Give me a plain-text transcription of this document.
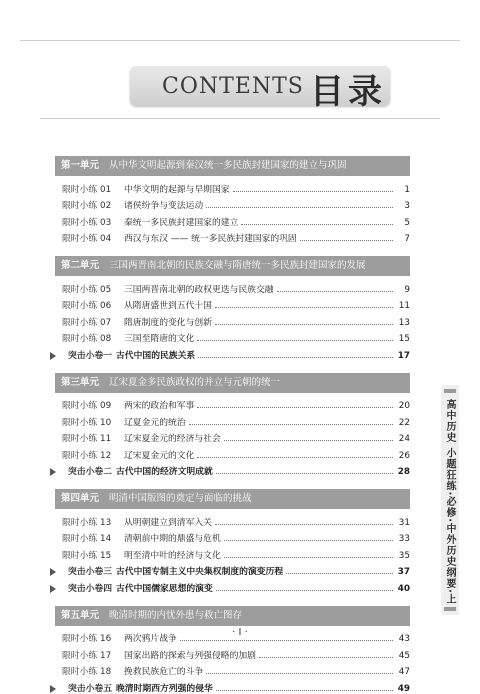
CONTENTS 目录
第一单元 从中华文明起源到秦汉统一多民族封建国家的建立与巩固
限时小练 01	中华文明的起源与早期国家	1
限时小练 02	诸侯纷争与变法运动	3
限时小练 03	秦统一多民族封建国家的建立	5
限时小练 04	西汉与东汉 —— 统一多民族封建国家的巩固	7
第二单元 三国两晋南北朝的民族交融与隋唐统一多民族封建国家的发展
限时小练 05	三国两晋南北朝的政权更迭与民族交融	9
限时小练 06	从隋唐盛世到五代十国	11
限时小练 07	隋唐制度的变化与创新	13
限时小练 08	三国至隋唐的文化	15
突击小卷一 古代中国的民族关系	17
第三单元 辽宋夏金多民族政权的并立与元朝的统一
限时小练 09	两宋的政治和军事	20
限时小练 10	辽夏金元的统治	22
限时小练 11	辽宋夏金元的经济与社会	24
限时小练 12	辽宋夏金元的文化	26
突击小卷二 古代中国的经济文明成就	28
第四单元 明清中国版图的奠定与面临的挑战
限时小练 13	从明朝建立到清军入关	31
限时小练 14	清朝前中期的鼎盛与危机	33
限时小练 15	明至清中叶的经济与文化	35
突击小卷三 古代中国专制主义中央集权制度的演变历程	37
突击小卷四 古代中国儒家思想的演变	40
第五单元 晚清时期的内忧外患与救亡图存
限时小练 16	两次鸦片战争	43
限时小练 17	国家出路的探索与列强侵略的加剧	45
限时小练 18	挽救民族危亡的斗争	47
突击小卷五 晚清时期西方列强的侵华	49
高中历史 小题狂练·必修·中外历史纲要·上
· I ·
